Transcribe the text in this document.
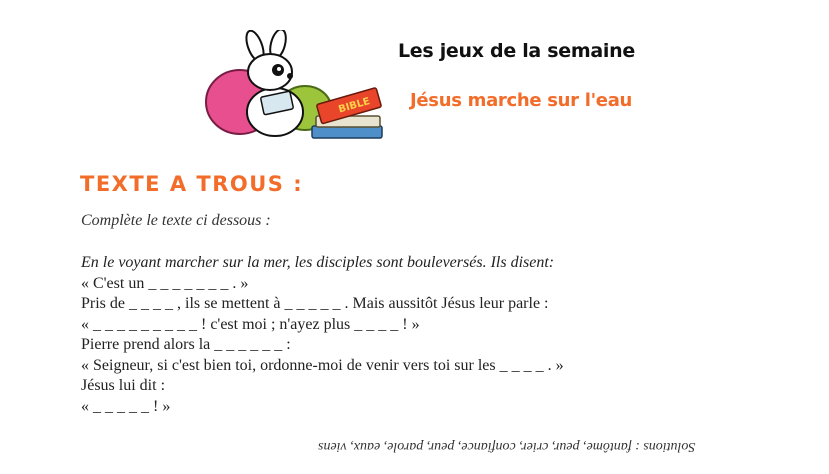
BIBLE
Les jeux de la semaine
Jésus marche sur l'eau
TEXTE A TROUS :
Complète le texte ci dessous :
En le voyant marcher sur la mer, les disciples sont bouleversés. Ils disent:
« C'est un _ _ _ _ _ _ _ . »
Pris de _ _ _ _ , ils se mettent à _ _ _ _ _ . Mais aussitôt Jésus leur parle :
« _ _ _ _ _ _ _ _ _ ! c'est moi ; n'ayez plus _ _ _ _ ! »
Pierre prend alors la _ _ _ _ _ _ :
« Seigneur, si c'est bien toi, ordonne-moi de venir vers toi sur les _ _ _ _ . »
Jésus lui dit :
« _ _ _ _ _ ! »
Solutions : fantôme, peur, crier, confiance, peur, parole, eaux, viens
